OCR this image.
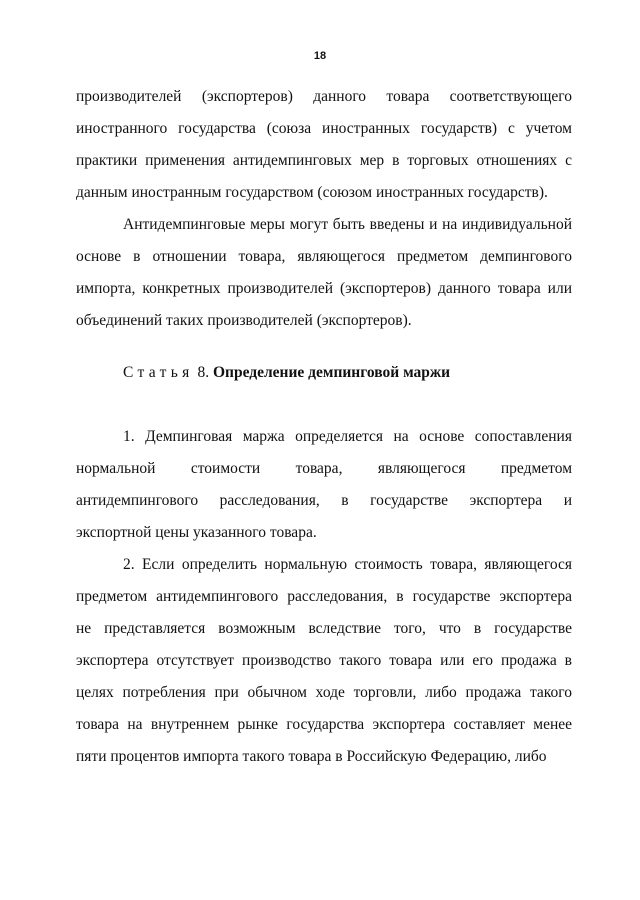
18
производителей (экспортеров) данного товара соответствующего
иностранного государства (союза иностранных государств) с учетом
практики применения антидемпинговых мер в торговых отношениях с
данным иностранным государством (союзом иностранных государств).
Антидемпинговые меры могут быть введены и на индивидуальной
основе в отношении товара, являющегося предметом демпингового
импорта, конкретных производителей (экспортеров) данного товара или
объединений таких производителей (экспортеров).
Статья 8. Определение демпинговой маржи
1. Демпинговая маржа определяется на основе сопоставления
нормальной стоимости товара, являющегося предметом
антидемпингового расследования, в государстве экспортера и
экспортной цены указанного товара.
2. Если определить нормальную стоимость товара, являющегося
предметом антидемпингового расследования, в государстве экспортера
не представляется возможным вследствие того, что в государстве
экспортера отсутствует производство такого товара или его продажа в
целях потребления при обычном ходе торговли, либо продажа такого
товара на внутреннем рынке государства экспортера составляет менее
пяти процентов импорта такого товара в Российскую Федерацию, либо
